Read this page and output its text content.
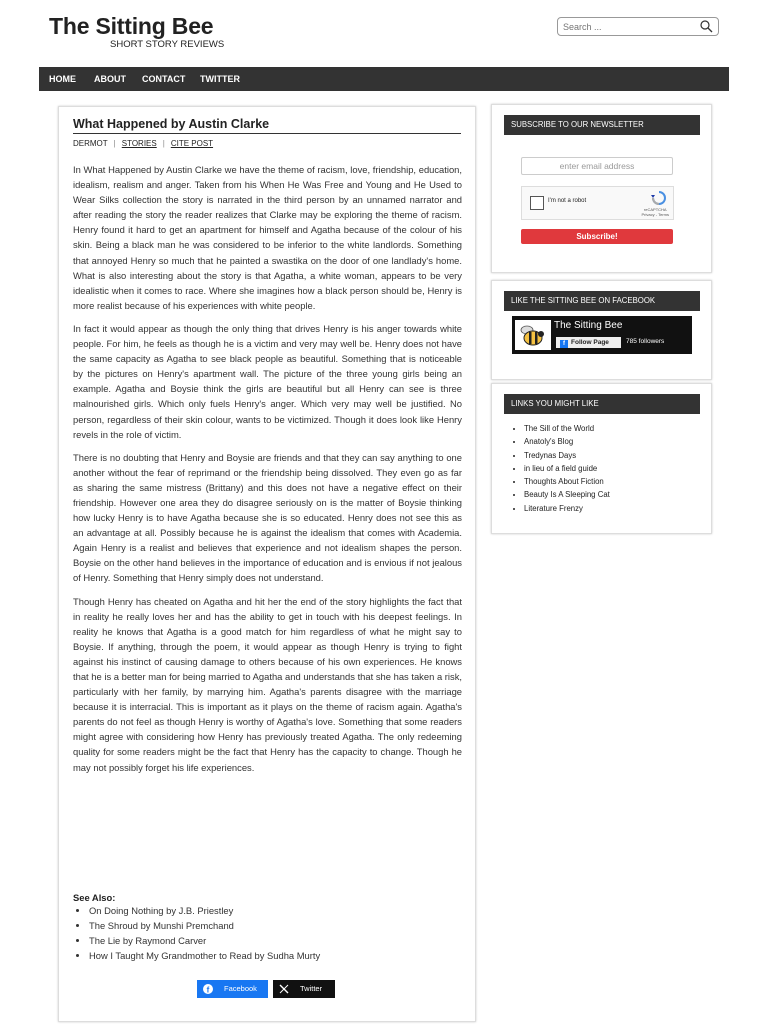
The Sitting Bee
SHORT STORY REVIEWS
Search ...
HOME ABOUT CONTACT TWITTER
What Happened by Austin Clarke
DERMOT | STORIES | CITE POST

In What Happened by Austin Clarke we have the theme of racism, love, friendship, education, idealism, realism and anger. Taken from his When He Was Free and Young and He Used to Wear Silks collection the story is narrated in the third person by an unnamed narrator and after reading the story the reader realizes that Clarke may be exploring the theme of racism. Henry found it hard to get an apartment for himself and Agatha because of the colour of his skin. Being a black man he was considered to be inferior to the white landlords. Something that annoyed Henry so much that he painted a swastika on the door of one landlady's home. What is also interesting about the story is that Agatha, a white woman, appears to be very idealistic when it comes to race. Where she imagines how a black person should be, Henry is more realist because of his experiences with white people.

In fact it would appear as though the only thing that drives Henry is his anger towards white people. For him, he feels as though he is a victim and very may well be. Henry does not have the same capacity as Agatha to see black people as beautiful. Something that is noticeable by the pictures on Henry's apartment wall. The picture of the three young girls being an example. Agatha and Boysie think the girls are beautiful but all Henry can see is three malnourished girls. Which only fuels Henry's anger. Which very may well be justified. No person, regardless of their skin colour, wants to be victimized. Though it does look like Henry revels in the role of victim.

There is no doubting that Henry and Boysie are friends and that they can say anything to one another without the fear of reprimand or the friendship being dissolved. They even go as far as sharing the same mistress (Brittany) and this does not have a negative effect on their friendship. However one area they do disagree seriously on is the matter of Boysie thinking how lucky Henry is to have Agatha because she is so educated. Henry does not see this as an advantage at all. Possibly because he is against the idealism that comes with Academia. Again Henry is a realist and believes that experience and not idealism shapes the person. Boysie on the other hand believes in the importance of education and is envious if not jealous of Henry. Something that Henry simply does not understand.

Though Henry has cheated on Agatha and hit her the end of the story highlights the fact that in reality he really loves her and has the ability to get in touch with his deepest feelings. In reality he knows that Agatha is a good match for him regardless of what he might say to Boysie. If anything, through the poem, it would appear as though Henry is trying to fight against his instinct of causing damage to others because of his own experiences. He knows that he is a better man for being married to Agatha and understands that she has taken a risk, particularly with her family, by marrying him. Agatha's parents disagree with the marriage because it is interracial. This is important as it plays on the theme of racism again. Agatha's parents do not feel as though Henry is worthy of Agatha's love. Something that some readers might agree with considering how Henry has previously treated Agatha. The only redeeming quality for some readers might be the fact that Henry has the capacity to change. Though he may not possibly forget his life experiences.

See Also:
• On Doing Nothing by J.B. Priestley
• The Shroud by Munshi Premchand
• The Lie by Raymond Carver
• How I Taught My Grandmother to Read by Sudha Murty
f Facebook	Twitter
SUBSCRIBE TO OUR NEWSLETTER
enter email address
I'm not a robot
reCAPTCHA
Privacy - Terms
Subscribe!
LIKE THE SITTING BEE ON FACEBOOK
The Sitting Bee
f Follow Page	785 followers
LINKS YOU MIGHT LIKE
• The Sill of the World
• Anatoly's Blog
• Tredynas Days
• in lieu of a field guide
• Thoughts About Fiction
• Beauty Is A Sleeping Cat
• Literature Frenzy
